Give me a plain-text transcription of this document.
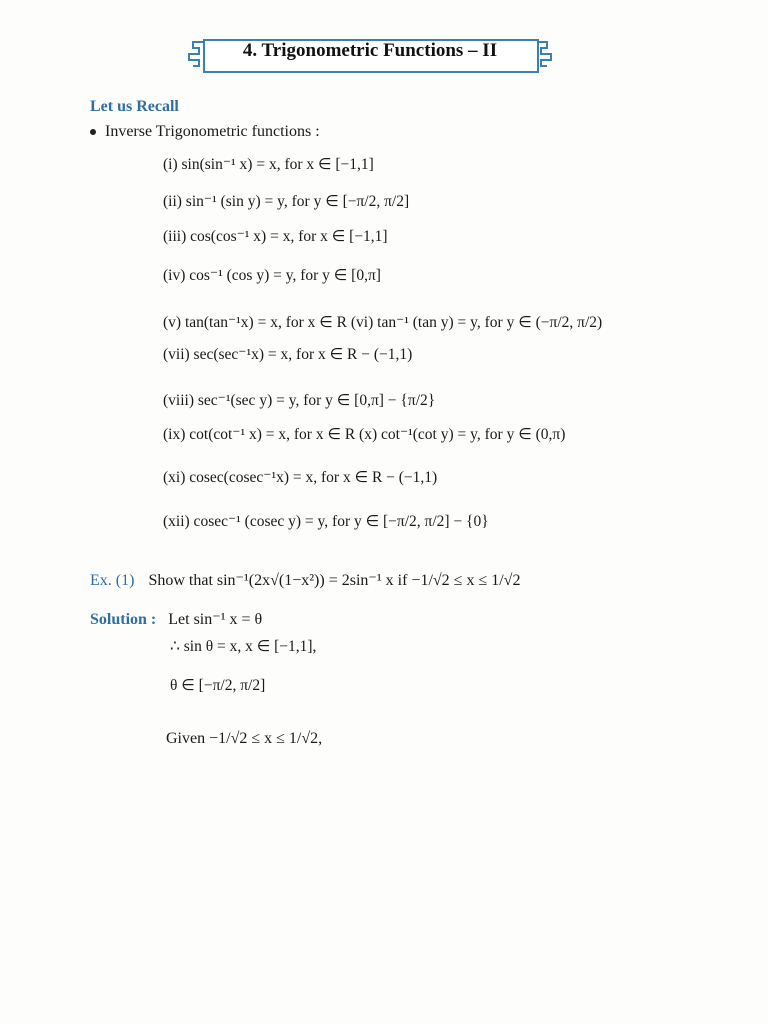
4. Trigonometric Functions – II
Let us Recall
Inverse Trigonometric functions :
(i) sin(sin⁻¹ x) = x, for x ∈ [−1,1]
(ii) sin⁻¹ (sin y) = y, for y ∈ [−π/2, π/2]
(iii) cos(cos⁻¹ x) = x, for x ∈ [−1,1]
(iv) cos⁻¹ (cos y) = y, for y ∈ [0,π]
(v) tan(tan⁻¹x) = x, for x ∈ R (vi) tan⁻¹ (tan y) = y, for y ∈ (−π/2, π/2)
(vii) sec(sec⁻¹x) = x, for x ∈ R − (−1,1)
(viii) sec⁻¹(sec y) = y, for y ∈ [0,π] − {π/2}
(ix) cot(cot⁻¹ x) = x, for x ∈ R (x) cot⁻¹(cot y) = y, for y ∈ (0,π)
(xi) cosec(cosec⁻¹x) = x, for x ∈ R − (−1,1)
(xii) cosec⁻¹ (cosec y) = y, for y ∈ [−π/2, π/2] − {0}
Ex. (1) Show that sin⁻¹(2x√(1−x²)) = 2sin⁻¹ x if −1/√2 ≤ x ≤ 1/√2
Solution : Let sin⁻¹ x = θ
∴ sin θ = x, x ∈ [−1,1],
θ ∈ [−π/2, π/2]
Given −1/√2 ≤ x ≤ 1/√2,
